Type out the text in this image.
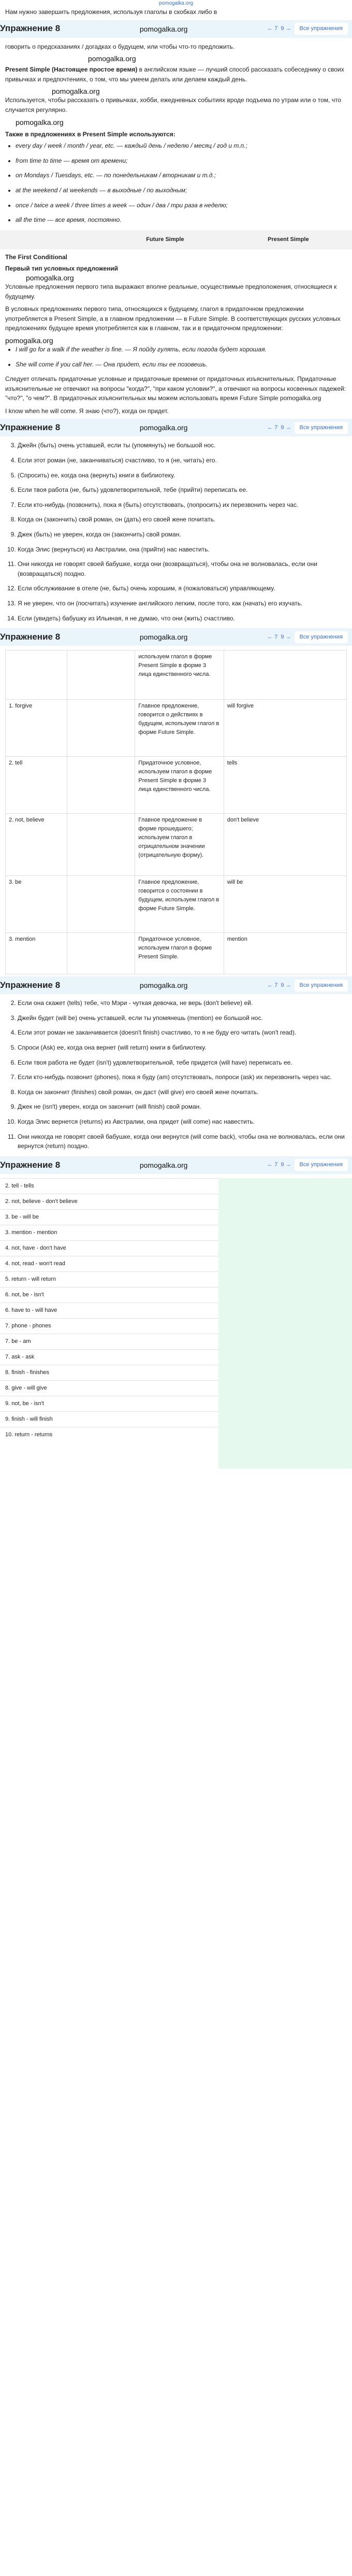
pomogalka.org

Нам нужно завершить предложения, используя глаголы в скобках либо в

Упражнение 8	pomogalka.org	← 7 9 →	Все упражнения

говорить о предсказаниях / догадках о будущем, или чтобы что-то предложить.

pomogalka.org

Present Simple (Настоящее простое время) в английском языке — лучший способ рассказать собеседнику о своих привычках и предпочтениях, о том, что мы умеем делать или делаем каждый день.

pomogalka.org

Используется, чтобы рассказать о привычках, хобби, ежедневных событиях вроде подъема по утрам или о том, что случается регулярно.

pomogalka.org
Также в предложениях в Present Simple используются:
• every day / week / month / year, etc. — каждый день / неделю / месяц / год и т.п.;
• from time to time — время от времени;
• on Mondays / Tuesdays, etc. — по понедельникам / вторникам и т.д.;
• at the weekend / at weekends — в выходные / по выходным;
• once / twice a week / three times a week — один / два / три раза в неделю;
• all the time — все время, постоянно.
	Future Simple	Present Simple
The First Conditional
Первый тип условных предложений
pomogalka.org

Условные предложения первого типа выражают вполне реальные, осуществимые предположения, относящиеся к будущему.

В условных предложениях первого типа, относящихся к будущему, глагол в придаточном предложении употребляется в Present Simple, а в главном предложении — в Future Simple. В соответствующих русских условных предложениях будущее время употребляется как в главном, так и в придаточном предложении:

pomogalka.org
• I will go for a walk if the weather is fine. — Я пойду гулять, если погода будет хорошая.
• She will come if you call her. — Она придет, если ты ее позовешь.

Следует отличать придаточные условные и придаточные времени от придаточных изъяснительных. Придаточные изъяснительные не отвечают на вопросы "когда?", "при каком условии?", а отвечают на вопросы косвенных падежей: "что?", "о чем?". В придаточных изъяснительных мы можем использовать время Future Simple pomogalka.org

I know when he will come. Я знаю (что?), когда он придет.

Упражнение 8	pomogalka.org	← 7 9 →	Все упражнения
3. Джейн (быть) очень уставшей, если ты (упомянуть) не большой нос.
4. Если этот роман (не, заканчиваться) счастливо, то я (не, читать) его.
5. (Спросить) ее, когда она (вернуть) книги в библиотеку.
6. Если твоя работа (не, быть) удовлетворительной, тебе (прийти) переписать ее.
7. Если кто-нибудь (позвонить), пока я (быть) отсутствовать, (попросить) их перезвонить через час.
8. Когда он (закончить) свой роман, он (дать) его своей жене почитать.
9. Джек (быть) не уверен, когда он (закончить) свой роман.
10. Когда Элис (вернуться) из Австралии, она (прийти) нас навестить.
11. Они никогда не говорят своей бабушке, когда они (возвращаться), чтобы она не волновалась, если они (возвращаться) поздно.
12. Если обслуживание в отеле (не, быть) очень хорошим, я (пожаловаться) управляющему.
13. Я не уверен, что он (посчитать) изучение английского легким, после того, как (начать) его изучать.
14. Если (увидеть) бабушку из Ильиная, я не думаю, что они (жить) счастливо.
Упражнение 8	pomogalka.org	← 7 9 →	Все упражнения
		используем глагол в форме Present Simple в форме 3 лица единственного числа.	
1. forgive		Главное предложение, говорится о действиях в будущем, используем глагол в форме Future Simple.	will forgive
2. tell		Придаточное условное, используем глагол в форме Present Simple в форме 3 лица единственного числа.	tells
2. not, believe		Главное предложение в форме прошедшего; используем глагол в отрицательном значении (отрицательную форму).	don't believe
3. be		Главное предложение, говорится о состоянии в будущем, используем глагол в форме Future Simple.	will be
3. mention		Придаточное условное, используем глагол в форме Present Simple.	mention
Упражнение 8	pomogalka.org	← 7 9 →	Все упражнения
2. Если она скажет (tells) тебе, что Мэри - чуткая девочка, не верь (don't believe) ей.
3. Джейн будет (will be) очень уставшей, если ты упомянешь (mention) ее большой нос.
4. Если этот роман не заканчивается (doesn't finish) счастливо, то я не буду его читать (won't read).
5. Спроси (Ask) ее, когда она вернет (will return) книги в библиотеку.
6. Если твоя работа не будет (isn't) удовлетворительной, тебе придется (will have) переписать ее.
7. Если кто-нибудь позвонит (phones), пока я буду (am) отсутствовать, попроси (ask) их перезвонить через час.
8. Когда он закончит (finishes) свой роман, он даст (will give) его своей жене почитать.
9. Джек не (isn't) уверен, когда он закончит (will finish) свой роман.
10. Когда Элис вернется (returns) из Австралии, она придет (will come) нас навестить.
11. Они никогда не говорят своей бабушке, когда они вернутся (will come back), чтобы она не волновалась, если они вернутся (return) поздно.
Упражнение 8	pomogalka.org	← 7 9 →	Все упражнения
2. tell - tells
2. not, believe - don't believe
3. be - will be
3. mention - mention
4. not, have - don't have
4. not, read - won't read
5. return - will return
6. not, be - isn't
6. have to - will have
7. phone - phones
7. be - am
7. ask - ask
8. finish - finishes
8. give - will give
9. not, be - isn't
9. finish - will finish
10. return - returns
